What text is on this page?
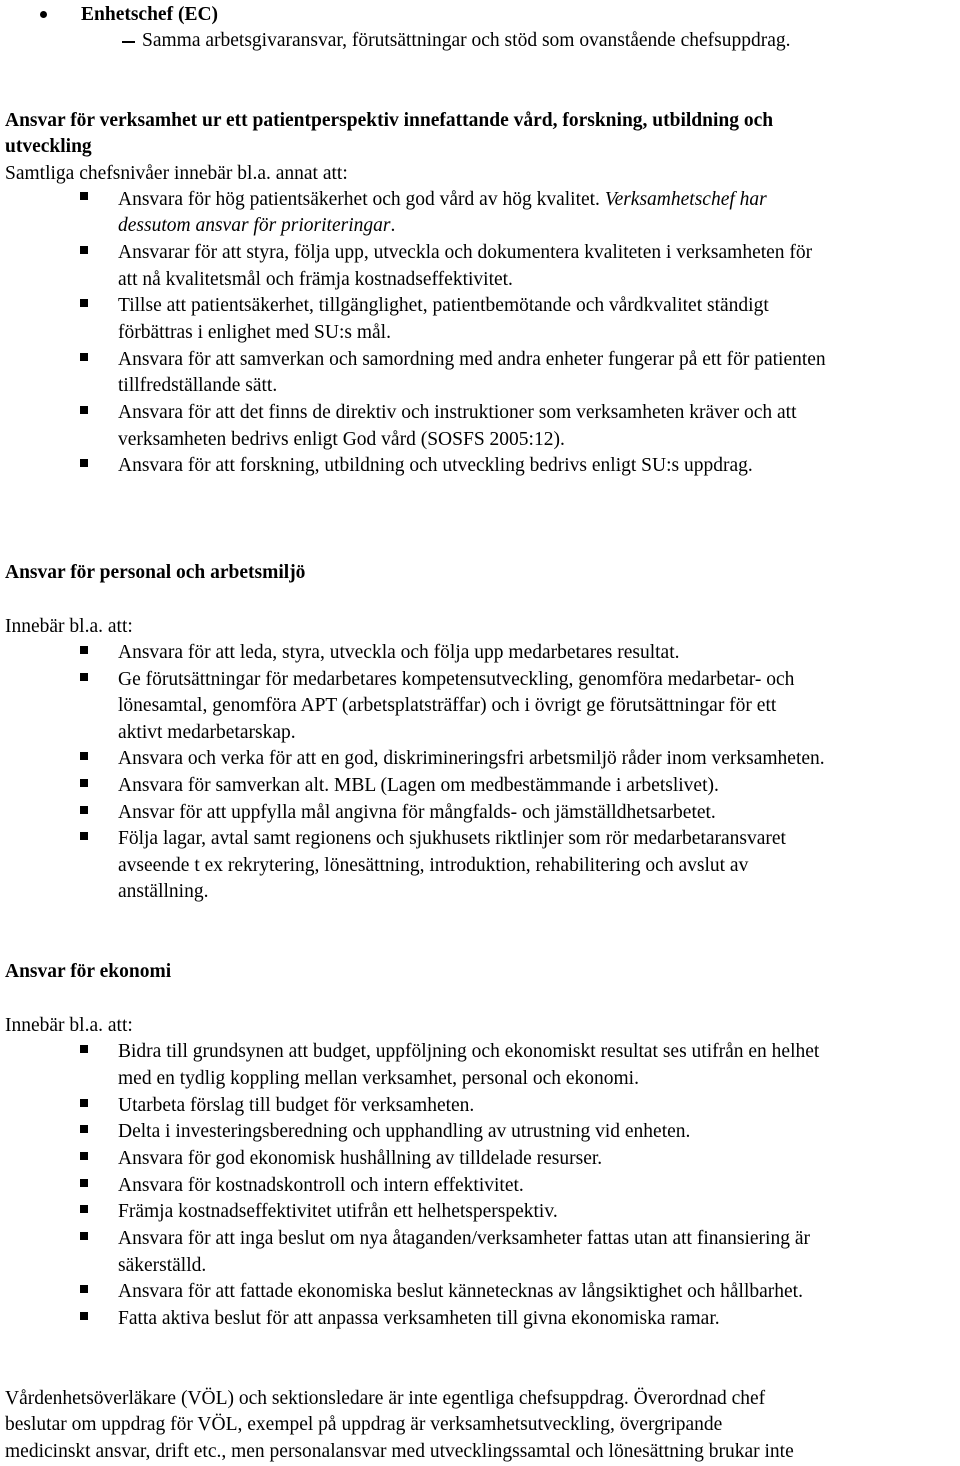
Enhetschef (EC)
Samma arbetsgivaransvar, förutsättningar och stöd som ovanstående chefsuppdrag.
Ansvar för verksamhet ur ett patientperspektiv innefattande vård, forskning, utbildning och
utveckling
Samtliga chefsnivåer innebär bl.a. annat att:
Ansvara för hög patientsäkerhet och god vård av hög kvalitet. Verksamhetschef har
dessutom ansvar för prioriteringar.
Ansvarar för att styra, följa upp, utveckla och dokumentera kvaliteten i verksamheten för
att nå kvalitetsmål och främja kostnadseffektivitet.
Tillse att patientsäkerhet, tillgänglighet, patientbemötande och vårdkvalitet ständigt
förbättras i enlighet med SU:s mål.
Ansvara för att samverkan och samordning med andra enheter fungerar på ett för patienten
tillfredställande sätt.
Ansvara för att det finns de direktiv och instruktioner som verksamheten kräver och att
verksamheten bedrivs enligt God vård (SOSFS 2005:12).
Ansvara för att forskning, utbildning och utveckling bedrivs enligt SU:s uppdrag.
Ansvar för personal och arbetsmiljö
Innebär bl.a. att:
Ansvara för att leda, styra, utveckla och följa upp medarbetares resultat.
Ge förutsättningar för medarbetares kompetensutveckling, genomföra medarbetar- och
lönesamtal, genomföra APT (arbetsplatsträffar) och i övrigt ge förutsättningar för ett
aktivt medarbetarskap.
Ansvara och verka för att en god, diskrimineringsfri arbetsmiljö råder inom verksamheten.
Ansvara för samverkan alt. MBL (Lagen om medbestämmande i arbetslivet).
Ansvar för att uppfylla mål angivna för mångfalds- och jämställdhetsarbetet.
Följa lagar, avtal samt regionens och sjukhusets riktlinjer som rör medarbetaransvaret
avseende t ex rekrytering, lönesättning, introduktion, rehabilitering och avslut av
anställning.
Ansvar för ekonomi
Innebär bl.a. att:
Bidra till grundsynen att budget, uppföljning och ekonomiskt resultat ses utifrån en helhet
med en tydlig koppling mellan verksamhet, personal och ekonomi.
Utarbeta förslag till budget för verksamheten.
Delta i investeringsberedning och upphandling av utrustning vid enheten.
Ansvara för god ekonomisk hushållning av tilldelade resurser.
Ansvara för kostnadskontroll och intern effektivitet.
Främja kostnadseffektivitet utifrån ett helhetsperspektiv.
Ansvara för att inga beslut om nya åtaganden/verksamheter fattas utan att finansiering är
säkerställd.
Ansvara för att fattade ekonomiska beslut kännetecknas av långsiktighet och hållbarhet.
Fatta aktiva beslut för att anpassa verksamheten till givna ekonomiska ramar.
Vårdenhetsöverläkare (VÖL) och sektionsledare är inte egentliga chefsuppdrag. Överordnad chef
beslutar om uppdrag för VÖL, exempel på uppdrag är verksamhetsutveckling, övergripande
medicinskt ansvar, drift etc., men personalansvar med utvecklingssamtal och lönesättning brukar inte
